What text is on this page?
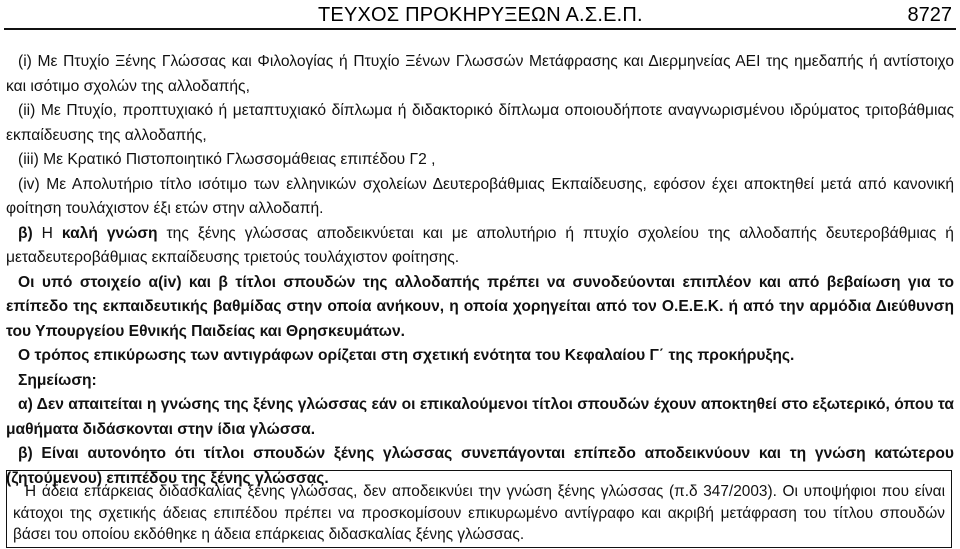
ΤΕΥΧΟΣ ΠΡΟΚΗΡΥΞΕΩΝ Α.Σ.Ε.Π.	8727

(i) Με Πτυχίο Ξένης Γλώσσας και Φιλολογίας ή Πτυχίο Ξένων Γλωσσών Μετάφρασης και Διερμηνείας ΑΕΙ της ημεδαπής ή αντίστοιχο και ισότιμο σχολών της αλλοδαπής,

(ii) Με Πτυχίο, προπτυχιακό ή μεταπτυχιακό δίπλωμα ή διδακτορικό δίπλωμα οποιουδήποτε αναγνωρισμένου ιδρύματος τριτοβάθμιας εκπαίδευσης της αλλοδαπής,

(iii) Με Κρατικό Πιστοποιητικό Γλωσσομάθειας επιπέδου Γ2 ,

(iv) Με Απολυτήριο τίτλο ισότιμο των ελληνικών σχολείων Δευτεροβάθμιας Εκπαίδευσης, εφόσον έχει αποκτηθεί μετά από κανονική φοίτηση τουλάχιστον έξι ετών στην αλλοδαπή.

β) Η καλή γνώση της ξένης γλώσσας αποδεικνύεται και με απολυτήριο ή πτυχίο σχολείου της αλλοδαπής δευτεροβάθμιας ή μεταδευτεροβάθμιας εκπαίδευσης τριετούς τουλάχιστον φοίτησης.

Οι υπό στοιχείο α(iv) και β τίτλοι σπουδών της αλλοδαπής πρέπει να συνοδεύονται επιπλέον και από βεβαίωση για το επίπεδο της εκπαιδευτικής βαθμίδας στην οποία ανήκουν, η οποία χορηγείται από τον Ο.Ε.Ε.Κ. ή από την αρμόδια Διεύθυνση του Υπουργείου Εθνικής Παιδείας και Θρησκευμάτων.

Ο τρόπος επικύρωσης των αντιγράφων ορίζεται στη σχετική ενότητα του Κεφαλαίου Γ΄ της προκήρυξης.

Σημείωση:

α) Δεν απαιτείται η γνώσης της ξένης γλώσσας εάν οι επικαλούμενοι τίτλοι σπουδών έχουν αποκτηθεί στο εξωτερικό, όπου τα μαθήματα διδάσκονται στην ίδια γλώσσα.

β) Είναι αυτονόητο ότι τίτλοι σπουδών ξένης γλώσσας συνεπάγονται επίπεδο αποδεικνύουν και τη γνώση κατώτερου (ζητούμενου) επιπέδου της ξένης γλώσσας.

Η άδεια επάρκειας διδασκαλίας ξένης γλώσσας, δεν αποδεικνύει την γνώση ξένης γλώσσας (π.δ 347/2003). Οι υποψήφιοι που είναι κάτοχοι της σχετικής άδειας επιπέδου πρέπει να προσκομίσουν επικυρωμένο αντίγραφο και ακριβή μετάφραση του τίτλου σπουδών βάσει του οποίου εκδόθηκε η άδεια επάρκειας διδασκαλίας ξένης γλώσσας.
